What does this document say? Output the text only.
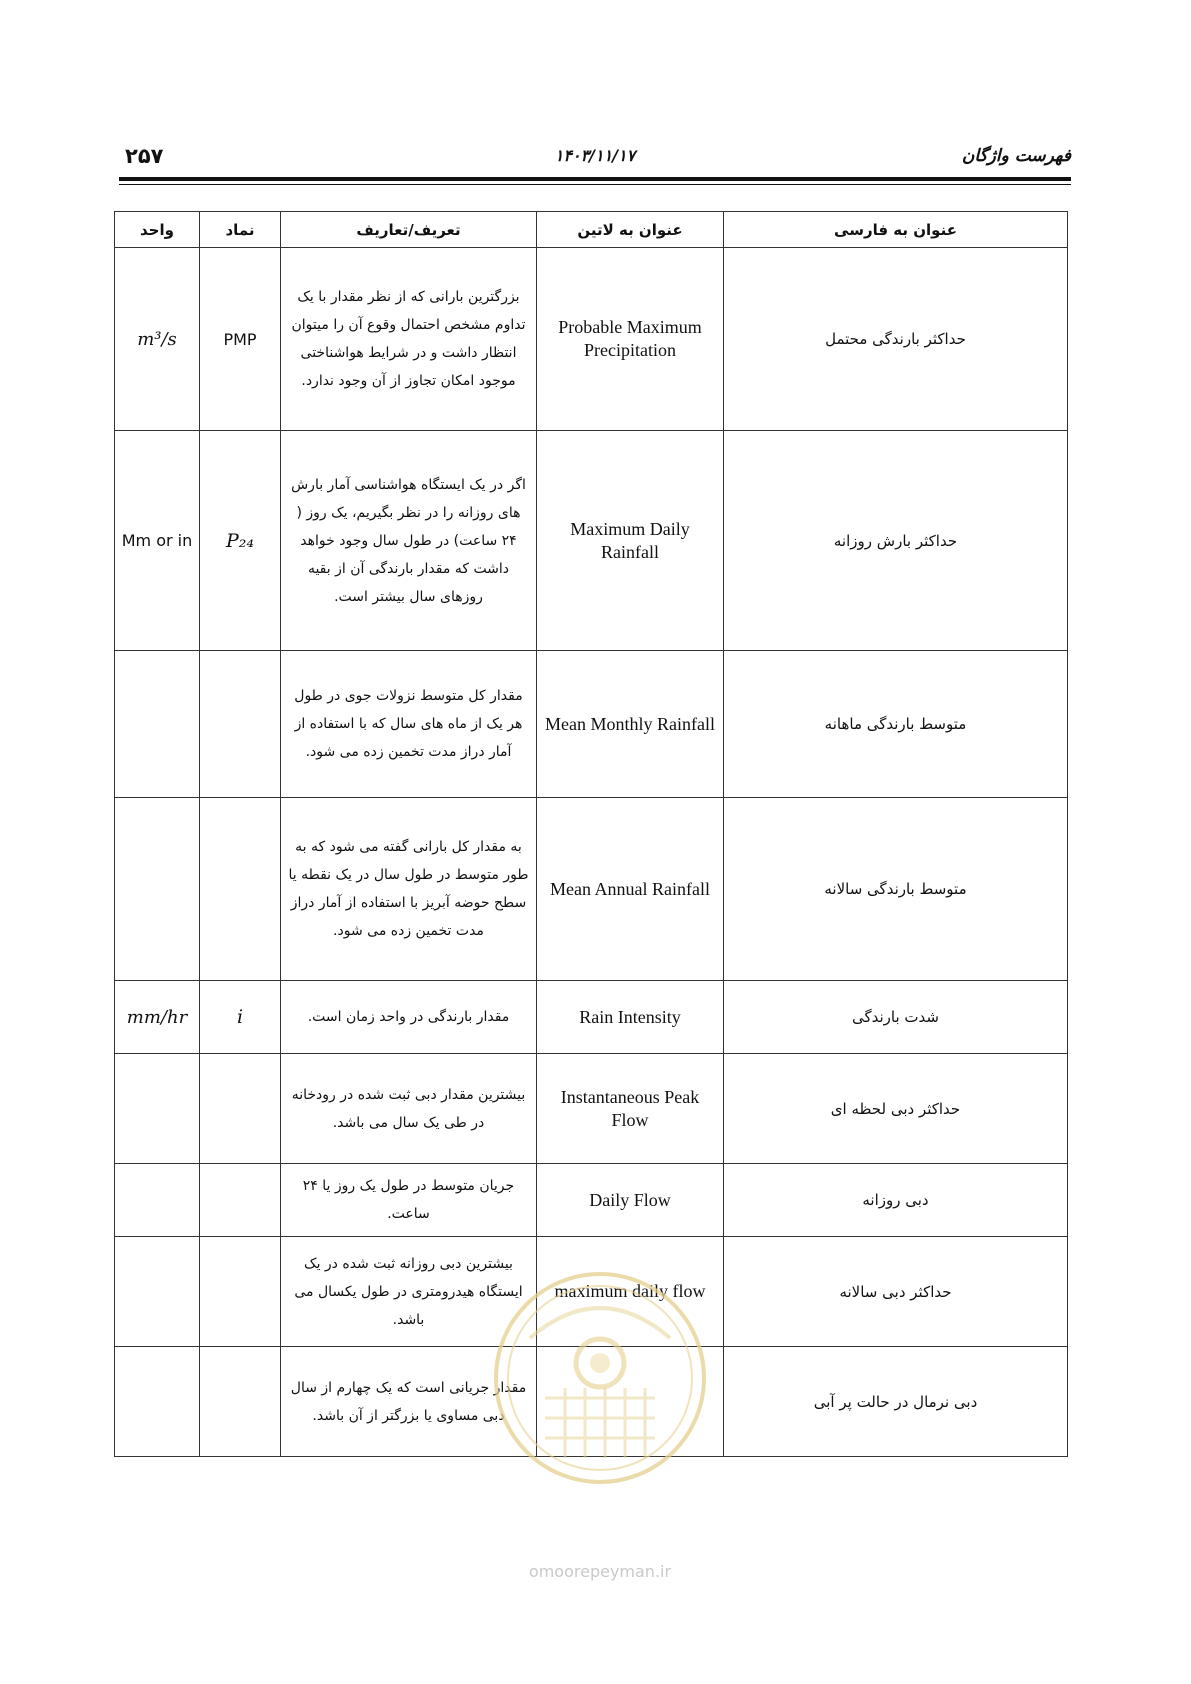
۲۵۷	۱۴۰۳/۱۱/۱۷	فهرست واژگان
واحد	نماد	تعریف/تعاریف	عنوان به لاتین	عنوان به فارسی
m³/s	PMP	بزرگترین بارانی که از نظر مقدار با یک تداوم مشخص احتمال وقوع آن را میتوان انتظار داشت و در شرایط هواشناختی موجود امکان تجاوز از آن وجود ندارد.	Probable Maximum Precipitation	حداکثر بارندگی محتمل
Mm or in	P₂₄	اگر در یک ایستگاه هواشناسی آمار بارش های روزانه را در نظر بگیریم، یک روز ( ۲۴ ساعت) در طول سال وجود خواهد داشت که مقدار بارندگی آن از بقیه روزهای سال بیشتر است.	Maximum Daily Rainfall	حداکثر بارش روزانه
		مقدار کل متوسط نزولات جوی در طول هر یک از ماه های سال که با استفاده از آمار دراز مدت تخمین زده می شود.	Mean Monthly Rainfall	متوسط بارندگی ماهانه
		به مقدار کل بارانی گفته می شود که به طور متوسط در طول سال در یک نقطه یا سطح حوضه آبریز با استفاده از آمار دراز مدت تخمین زده می شود.	Mean Annual Rainfall	متوسط بارندگی سالانه
mm/hr	i	مقدار بارندگی در واحد زمان است.	Rain Intensity	شدت بارندگی
		بیشترین مقدار دبی ثبت شده در رودخانه در طی یک سال می باشد.	Instantaneous Peak Flow	حداکثر دبی لحظه ای
		جریان متوسط در طول یک روز یا ۲۴ ساعت.	Daily Flow	دبی روزانه
		بیشترین دبی روزانه ثبت شده در یک ایستگاه هیدرومتری در طول یکسال می باشد.	maximum daily flow	حداکثر دبی سالانه
		مقدار جریانی است که یک چهارم از سال دبی مساوی یا بزرگتر از آن باشد.		دبی نرمال در حالت پر آبی
omoorepeyman.ir
